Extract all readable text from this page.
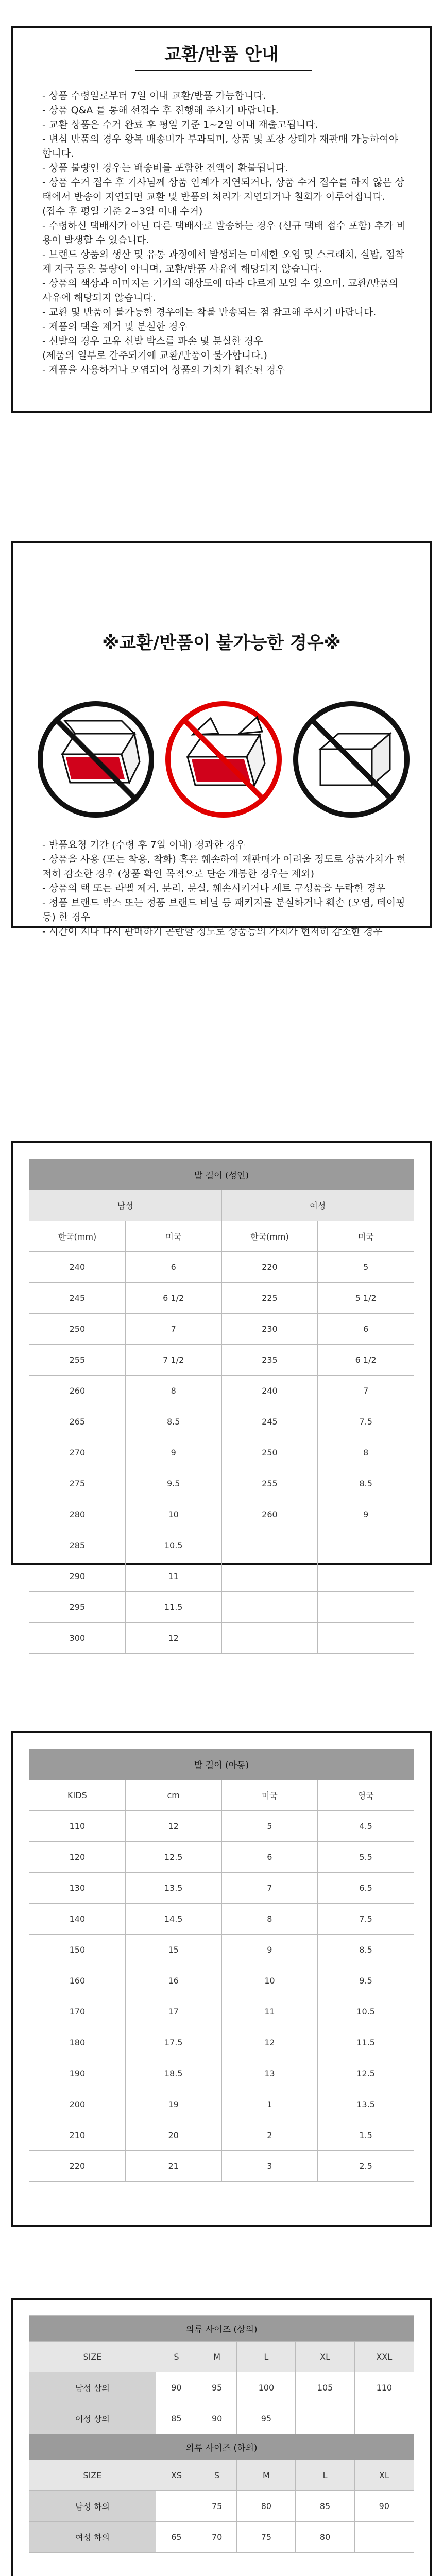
교환/반품 안내
- 상품 수령일로부터 7일 이내 교환/반품 가능합니다.
- 상품 Q&A 를 통해 선접수 후 진행해 주시기 바랍니다.
- 교환 상품은 수거 완료 후 평일 기준 1~2일 이내 재출고됩니다.
- 변심 반품의 경우 왕복 배송비가 부과되며, 상품 및 포장 상태가 재판매 가능하여야 합니다.
- 상품 불량인 경우는 배송비를 포함한 전액이 환불됩니다.
- 상품 수거 접수 후 기사님께 상품 인계가 지연되거나, 상품 수거 접수를 하지 않은 상태에서 반송이 지연되면 교환 및 반품의 처리가 지연되거나 철회가 이루어집니다.
(접수 후 평일 기준 2~3일 이내 수거)
- 수령하신 택배사가 아닌 다른 택배사로 발송하는 경우 (신규 택배 접수 포함) 추가 비용이 발생할 수 있습니다.
- 브랜드 상품의 생산 및 유통 과정에서 발생되는 미세한 오염 및 스크래치, 실밥, 접착제 자국 등은 불량이 아니며, 교환/반품 사유에 해당되지 않습니다.
- 상품의 색상과 이미지는 기기의 해상도에 따라 다르게 보일 수 있으며, 교환/반품의 사유에 해당되지 않습니다.
- 교환 및 반품이 불가능한 경우에는 착불 반송되는 점 참고해 주시기 바랍니다.
- 제품의 택을 제거 및 분실한 경우
- 신발의 경우 고유 신발 박스를 파손 및 분실한 경우
(제품의 일부로 간주되기에 교환/반품이 불가합니다.)
- 제품을 사용하거나 오염되어 상품의 가치가 훼손된 경우
※교환/반품이 불가능한 경우※
- 반품요청 기간 (수령 후 7일 이내) 경과한 경우
- 상품을 사용 (또는 착용, 착화) 혹은 훼손하여 재판매가 어려울 정도로 상품가치가 현저히 감소한 경우 (상품 확인 목적으로 단순 개봉한 경우는 제외)
- 상품의 택 또는 라벨 제거, 분리, 분실, 훼손시키거나 세트 구성품을 누락한 경우
- 정품 브랜드 박스 또는 정품 브랜드 비닐 등 패키지를 분실하거나 훼손 (오염, 테이핑 등) 한 경우
- 시간이 지나 다시 판매하기 곤란할 정도로 상품등의 가치가 현저히 감소한 경우
발 길이 (성인)			
남성		여성	
한국(mm)	미국	한국(mm)	미국
240	6	220	5
245	6 1/2	225	5 1/2
250	7	230	6
255	7 1/2	235	6 1/2
260	8	240	7
265	8.5	245	7.5
270	9	250	8
275	9.5	255	8.5
280	10	260	9
285	10.5		
290	11		
295	11.5		
300	12		
발 길이 (아동)			
KIDS	cm	미국	영국
110	12	5	4.5
120	12.5	6	5.5
130	13.5	7	6.5
140	14.5	8	7.5
150	15	9	8.5
160	16	10	9.5
170	17	11	10.5
180	17.5	12	11.5
190	18.5	13	12.5
200	19	1	13.5
210	20	2	1.5
220	21	3	2.5
의류 사이즈 (상의)					
SIZE	S	M	L	XL	XXL
남성 상의	90	95	100	105	110
여성 상의	85	90	95		
의류 사이즈 (하의)					
SIZE	XS	S	M	L	XL
남성 하의		75	80	85	90
여성 하의	65	70	75	80	
